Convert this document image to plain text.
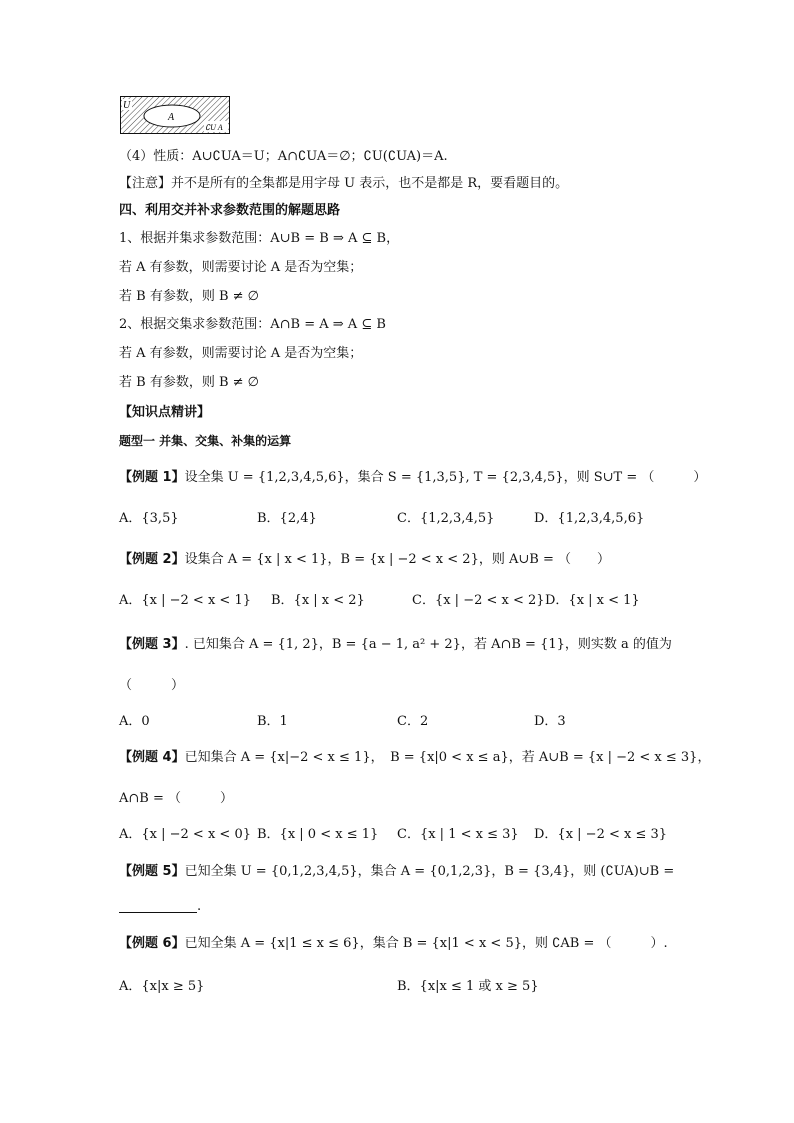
U
A
∁U A
（4）性质：A∪∁UA＝U；A∩∁UA＝∅；∁U(∁UA)＝A.
【注意】并不是所有的全集都是用字母 U 表示，也不是都是 R，要看题目的。
四、利用交并补求参数范围的解题思路
1、根据并集求参数范围：A∪B = B ⇒ A ⊆ B，
若 A 有参数，则需要讨论 A 是否为空集；
若 B 有参数，则 B ≠ ∅
2、根据交集求参数范围：A∩B = A ⇒ A ⊆ B
若 A 有参数，则需要讨论 A 是否为空集；
若 B 有参数，则 B ≠ ∅
【知识点精讲】
题型一 并集、交集、补集的运算
【例题 1】设全集 U = {1,2,3,4,5,6}，集合 S = {1,3,5}, T = {2,3,4,5}，则 S∪T = （　　　）
A．{3,5}	B．{2,4}	C．{1,2,3,4,5}	D．{1,2,3,4,5,6}
【例题 2】设集合 A = {x | x < 1}，B = {x | −2 < x < 2}，则 A∪B = （　　）
A．{x | −2 < x < 1} B．{x | x < 2}	C．{x | −2 < x < 2} D．{x | x < 1}
【例题 3】. 已知集合 A = {1, 2}，B = {a − 1, a² + 2}，若 A∩B = {1}，则实数 a 的值为
（　　　）
A．0	B．1	C．2	D．3
【例题 4】已知集合 A = {x|−2 < x ≤ 1}，　B = {x|0 < x ≤ a}，若 A∪B = {x | −2 < x ≤ 3}，
A∩B = （　　　）
A．{x | −2 < x < 0} B．{x | 0 < x ≤ 1} C．{x | 1 < x ≤ 3} D．{x | −2 < x ≤ 3}
【例题 5】已知全集 U = {0,1,2,3,4,5}，集合 A = {0,1,2,3}，B = {3,4}，则 (∁UA)∪B =
.
【例题 6】已知全集 A = {x|1 ≤ x ≤ 6}，集合 B = {x|1 < x < 5}，则 ∁AB = （　　　）.
A．{x|x ≥ 5}	B．{x|x ≤ 1 或 x ≥ 5}
